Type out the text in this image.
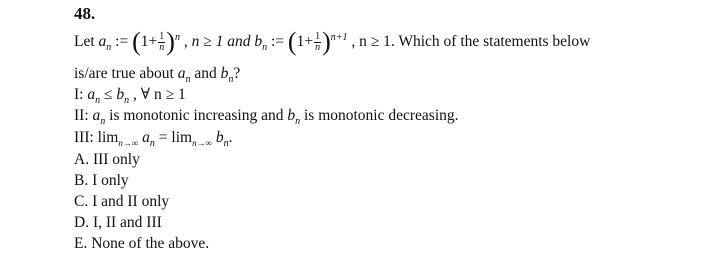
48.
Let $a_n$ := $(1+ \frac{1}{n} )^n$ , n ≥ 1 and $b_n$ := $(1+ \frac{1}{n} )^{n+1}$ , n ≥ 1. Which of the statements below
is/are true about $a_n$ and $b_n$?
I: $a_n \le b_n$ , ∀ n ≥ 1
II: $a_n$ is monotonic increasing and $b_n$ is monotonic decreasing.
III: $\lim_{n\to\infty} a_n = \lim_{n\to\infty} b_n$.
A. III only
B. I only
C. I and II only
D. I, II and III
E. None of the above.
